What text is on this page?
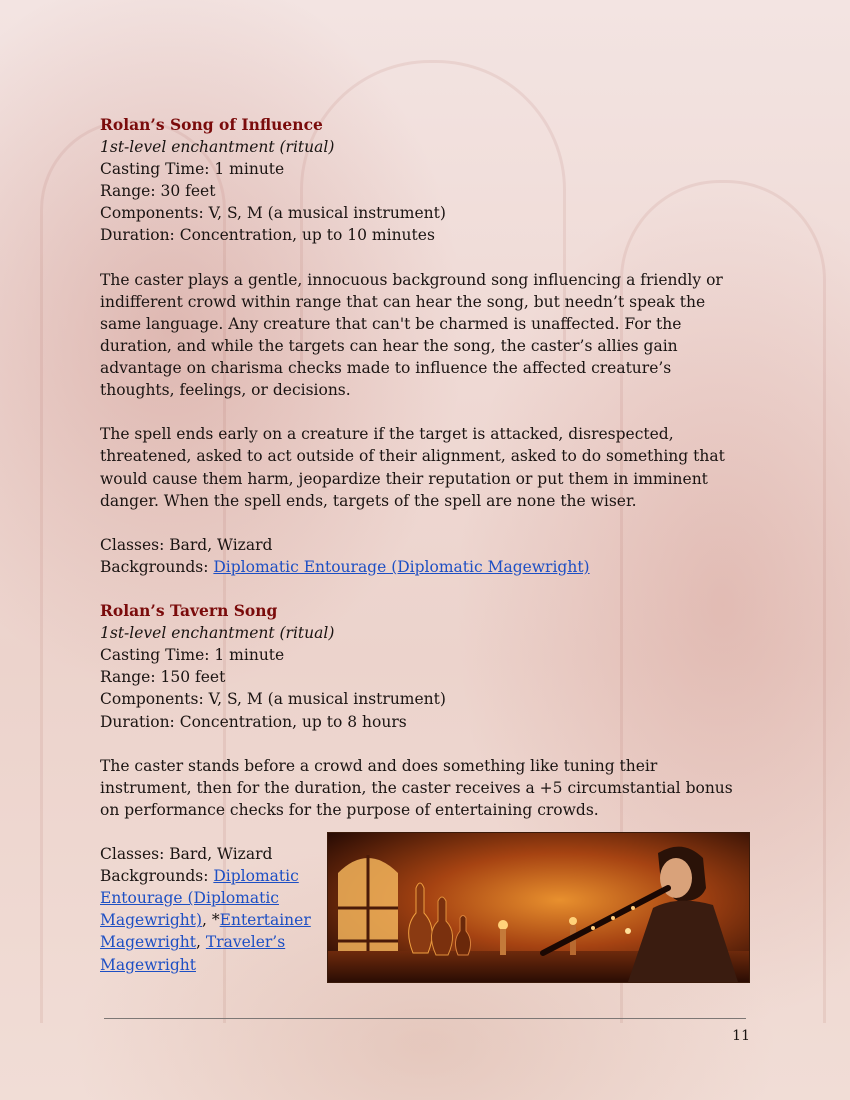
Rolan’s Song of Influence
1st-level enchantment (ritual)
Casting Time: 1 minute
Range: 30 feet
Components: V, S, M (a musical instrument)
Duration: Concentration, up to 10 minutes

The caster plays a gentle, innocuous background song influencing a friendly or indifferent crowd within range that can hear the song, but needn’t speak the same language. Any creature that can't be charmed is unaffected. For the duration, and while the targets can hear the song, the caster’s allies gain advantage on charisma checks made to influence the affected creature’s thoughts, feelings, or decisions.

The spell ends early on a creature if the target is attacked, disrespected, threatened, asked to act outside of their alignment, asked to do something that would cause them harm, jeopardize their reputation or put them in imminent danger. When the spell ends, targets of the spell are none the wiser.

Classes: Bard, Wizard
Backgrounds: Diplomatic Entourage (Diplomatic Magewright)
Rolan’s Tavern Song
1st-level enchantment (ritual)
Casting Time: 1 minute
Range: 150 feet
Components: V, S, M (a musical instrument)
Duration: Concentration, up to 8 hours

The caster stands before a crowd and does something like tuning their instrument, then for the duration, the caster receives a +5 circumstantial bonus on performance checks for the purpose of entertaining crowds.

Classes: Bard, Wizard
Backgrounds: Diplomatic Entourage (Diplomatic Magewright), *Entertainer Magewright, Traveler’s Magewright
11
